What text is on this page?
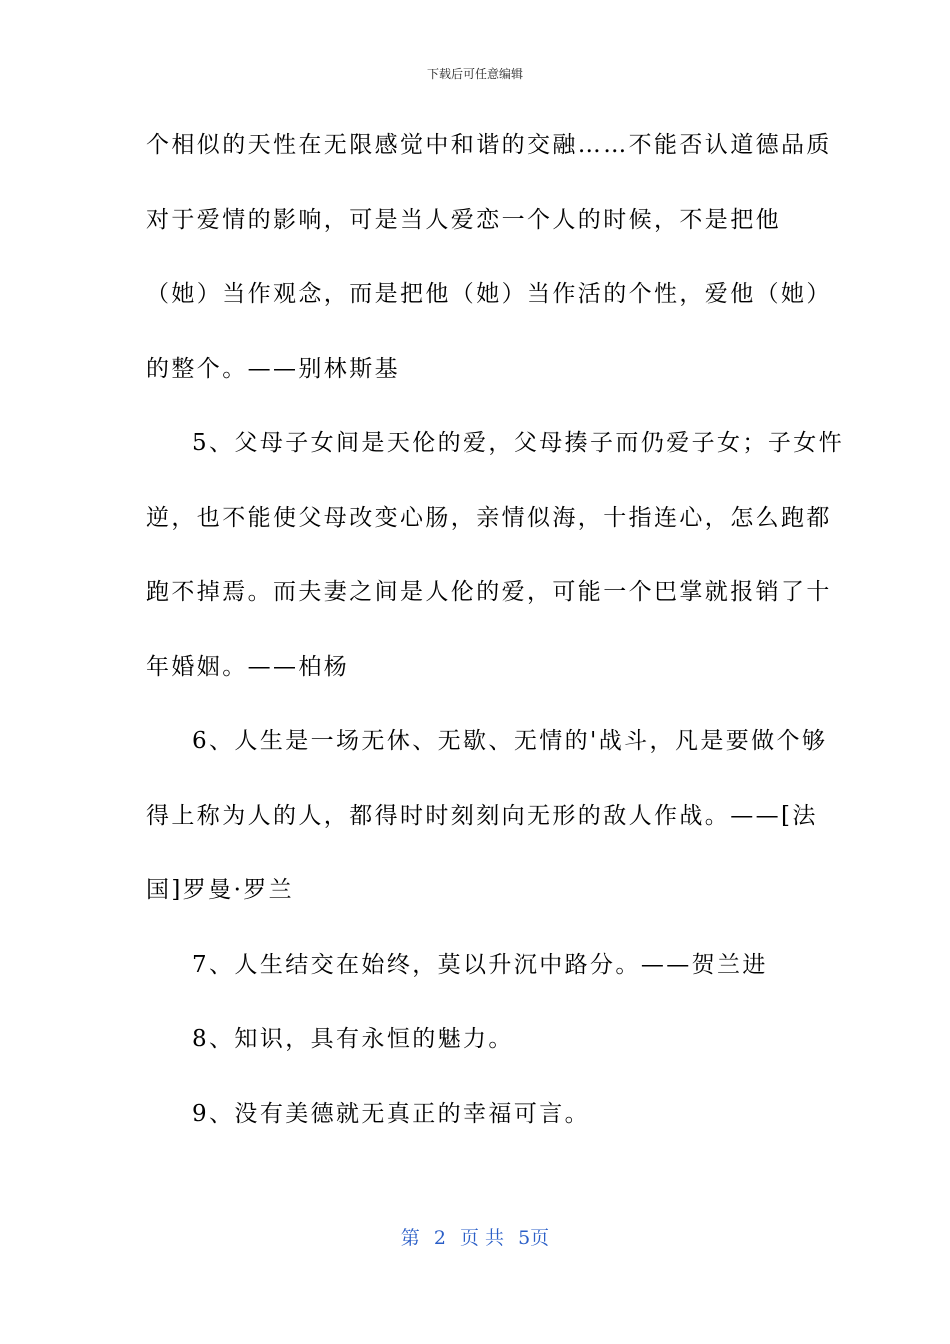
下载后可任意编辑
个相似的天性在无限感觉中和谐的交融……不能否认道德品质
对于爱情的影响，可是当人爱恋一个人的时候，不是把他
（她）当作观念，而是把他（她）当作活的个性，爱他（她）
的整个。——别林斯基
5、父母子女间是天伦的爱，父母揍子而仍爱子女；子女忤
逆，也不能使父母改变心肠，亲情似海，十指连心，怎么跑都
跑不掉焉。而夫妻之间是人伦的爱，可能一个巴掌就报销了十
年婚姻。——柏杨
6、人生是一场无休、无歇、无情的'战斗，凡是要做个够
得上称为人的人，都得时时刻刻向无形的敌人作战。——[法
国]罗曼·罗兰
7、人生结交在始终，莫以升沉中路分。——贺兰进
8、知识，具有永恒的魅力。
9、没有美德就无真正的幸福可言。
第 2 页 共 5页
